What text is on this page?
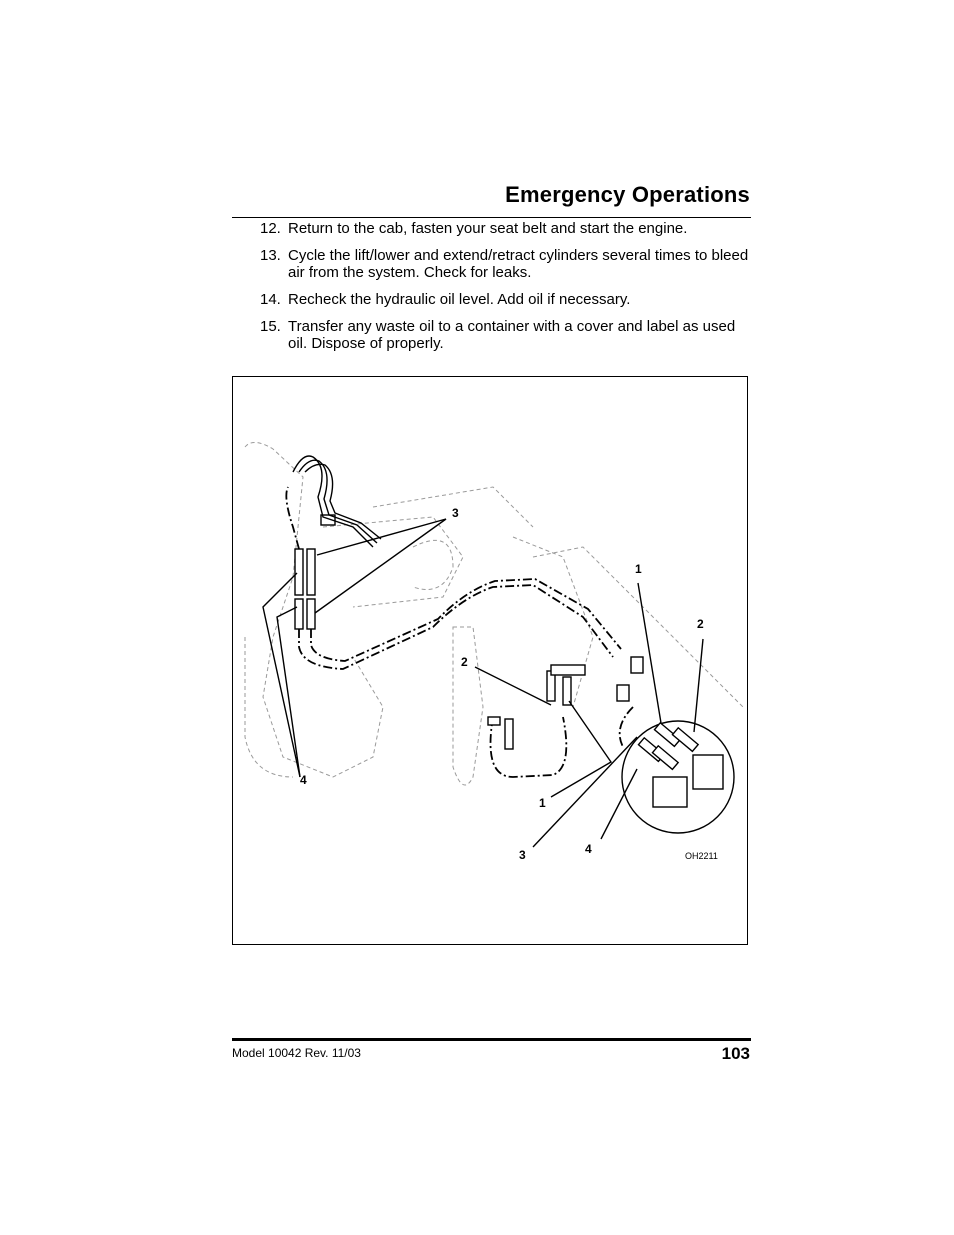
Emergency Operations
12. Return to the cab, fasten your seat belt and start the engine.
13. Cycle the lift/lower and extend/retract cylinders several times to bleed air from the system. Check for leaks.
14. Recheck the hydraulic oil level. Add oil if necessary.
15. Transfer any waste oil to a container with a cover and label as used oil. Dispose of properly.
3
1
2
2
4
1
3	4	OH2211
Model 10042 Rev. 11/03	103
